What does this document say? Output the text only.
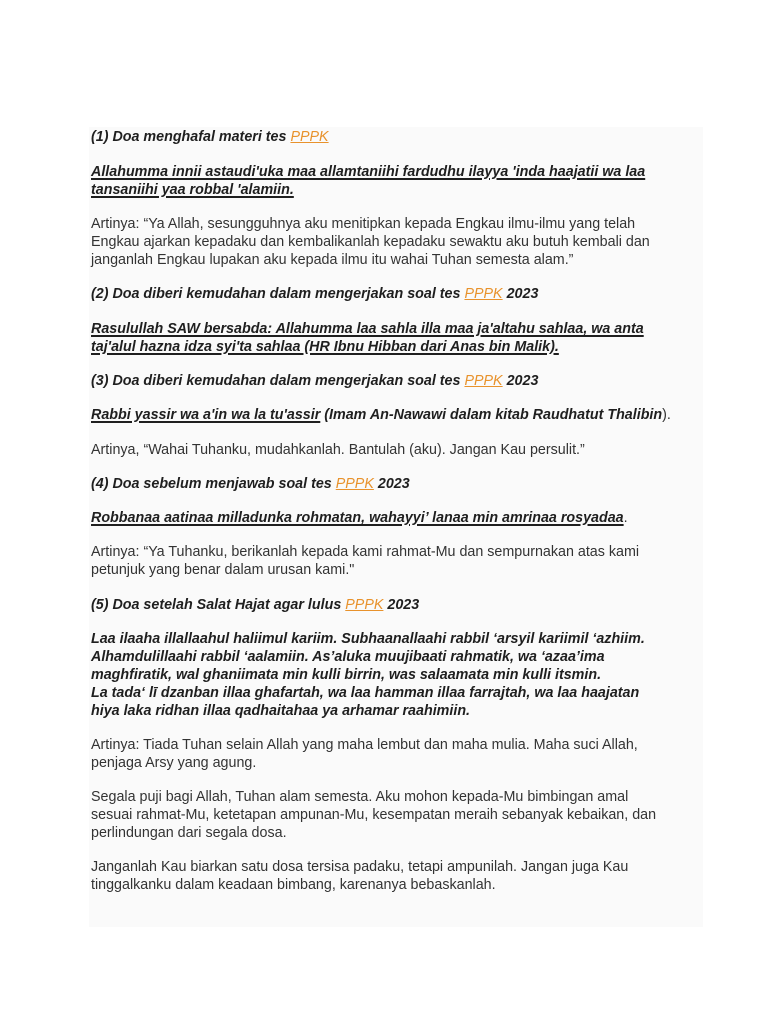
(1) Doa menghafal materi tes PPPK
Allahumma innii astaudi'uka maa allamtaniihi fardudhu ilayya 'inda haajatii wa laa
tansaniihi yaa robbal 'alamiin.
Artinya: “Ya Allah, sesungguhnya aku menitipkan kepada Engkau ilmu-ilmu yang telah
Engkau ajarkan kepadaku dan kembalikanlah kepadaku sewaktu aku butuh kembali dan
janganlah Engkau lupakan aku kepada ilmu itu wahai Tuhan semesta alam.”
(2) Doa diberi kemudahan dalam mengerjakan soal tes PPPK 2023
Rasulullah SAW bersabda: Allahumma laa sahla illa maa ja'altahu sahlaa, wa anta
taj'alul hazna idza syi'ta sahlaa (HR Ibnu Hibban dari Anas bin Malik).
(3) Doa diberi kemudahan dalam mengerjakan soal tes PPPK 2023
Rabbi yassir wa a'in wa la tu'assir (Imam An-Nawawi dalam kitab Raudhatut Thalibin).
Artinya, “Wahai Tuhanku, mudahkanlah. Bantulah (aku). Jangan Kau persulit.”
(4) Doa sebelum menjawab soal tes PPPK 2023
Robbanaa aatinaa milladunka rohmatan, wahayyi’ lanaa min amrinaa rosyadaa.
Artinya: “Ya Tuhanku, berikanlah kepada kami rahmat-Mu dan sempurnakan atas kami
petunjuk yang benar dalam urusan kami."
(5) Doa setelah Salat Hajat agar lulus PPPK 2023
Laa ilaaha illallaahul haliimul kariim. Subhaanallaahi rabbil ‘arsyil kariimil ‘azhiim.
Alhamdulillaahi rabbil ‘aalamiin. As’aluka muujibaati rahmatik, wa ‘azaa’ima
maghfiratik, wal ghaniimata min kulli birrin, was salaamata min kulli itsmin.
La tada‘ lī dzanban illaa ghafartah, wa laa hamman illaa farrajtah, wa laa haajatan
hiya laka ridhan illaa qadhaitahaa ya arhamar raahimiin.
Artinya: Tiada Tuhan selain Allah yang maha lembut dan maha mulia. Maha suci Allah,
penjaga Arsy yang agung.
Segala puji bagi Allah, Tuhan alam semesta. Aku mohon kepada-Mu bimbingan amal
sesuai rahmat-Mu, ketetapan ampunan-Mu, kesempatan meraih sebanyak kebaikan, dan
perlindungan dari segala dosa.
Janganlah Kau biarkan satu dosa tersisa padaku, tetapi ampunilah. Jangan juga Kau
tinggalkanku dalam keadaan bimbang, karenanya bebaskanlah.
